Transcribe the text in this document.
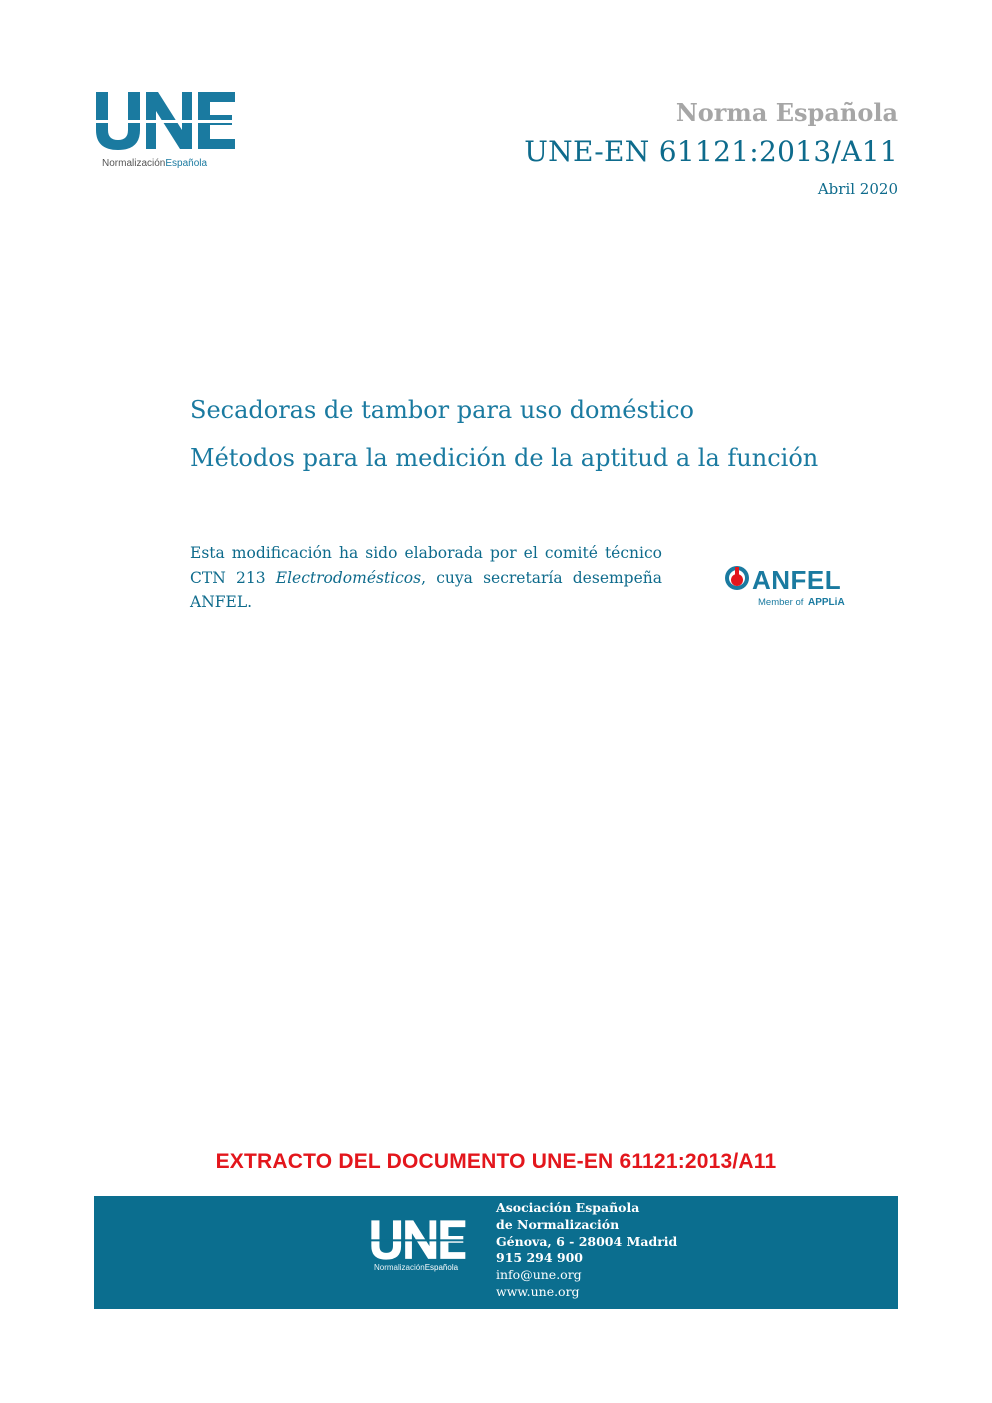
NormalizaciónEspañola
Norma Española
UNE-EN 61121:2013/A11
Abril 2020
Secadoras de tambor para uso doméstico
Métodos para la medición de la aptitud a la función
Esta modificación ha sido elaborada por el comité técnico CTN 213 Electrodomésticos, cuya secretaría desempeña ANFEL.
ANFEL
Member of APPLiA
EXTRACTO DEL DOCUMENTO UNE-EN 61121:2013/A11
NormalizaciónEspañola
Asociación Española
de Normalización
Génova, 6 - 28004 Madrid
915 294 900
info@une.org
www.une.org
